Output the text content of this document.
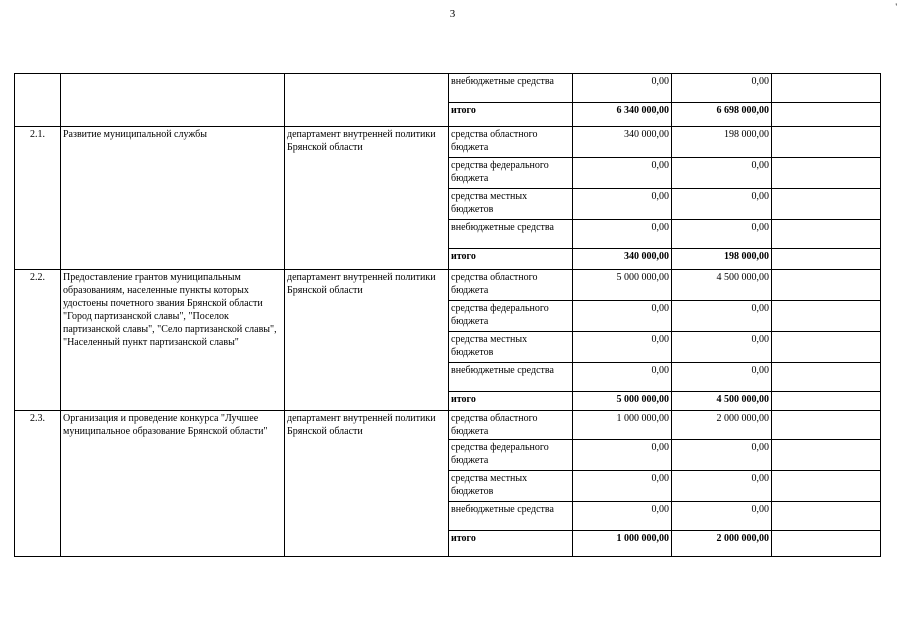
3
'
			внебюджетные средства	0,00	0,00	
			итого	6 340 000,00	6 698 000,00	
2.1.	Развитие муниципальной службы	департамент внутренней политики Брянской области	средства областного бюджета	340 000,00	198 000,00	
			средства федерального бюджета	0,00	0,00	
			средства местных бюджетов	0,00	0,00	
			внебюджетные средства	0,00	0,00	
			итого	340 000,00	198 000,00	
2.2.	Предоставление грантов муниципальным образованиям, населенные пункты которых удостоены почетного звания Брянской области "Город партизанской славы", "Поселок партизанской славы", "Село партизанской славы", "Населенный пункт партизанской славы"	департамент внутренней политики Брянской области	средства областного бюджета	5 000 000,00	4 500 000,00	
			средства федерального бюджета	0,00	0,00	
			средства местных бюджетов	0,00	0,00	
			внебюджетные средства	0,00	0,00	
			итого	5 000 000,00	4 500 000,00	
2.3.	Организация и проведение конкурса "Лучшее муниципальное образование Брянской области"	департамент внутренней политики Брянской области	средства областного бюджета	1 000 000,00	2 000 000,00	
			средства федерального бюджета	0,00	0,00	
			средства местных бюджетов	0,00	0,00	
			внебюджетные средства	0,00	0,00	
			итого	1 000 000,00	2 000 000,00	
